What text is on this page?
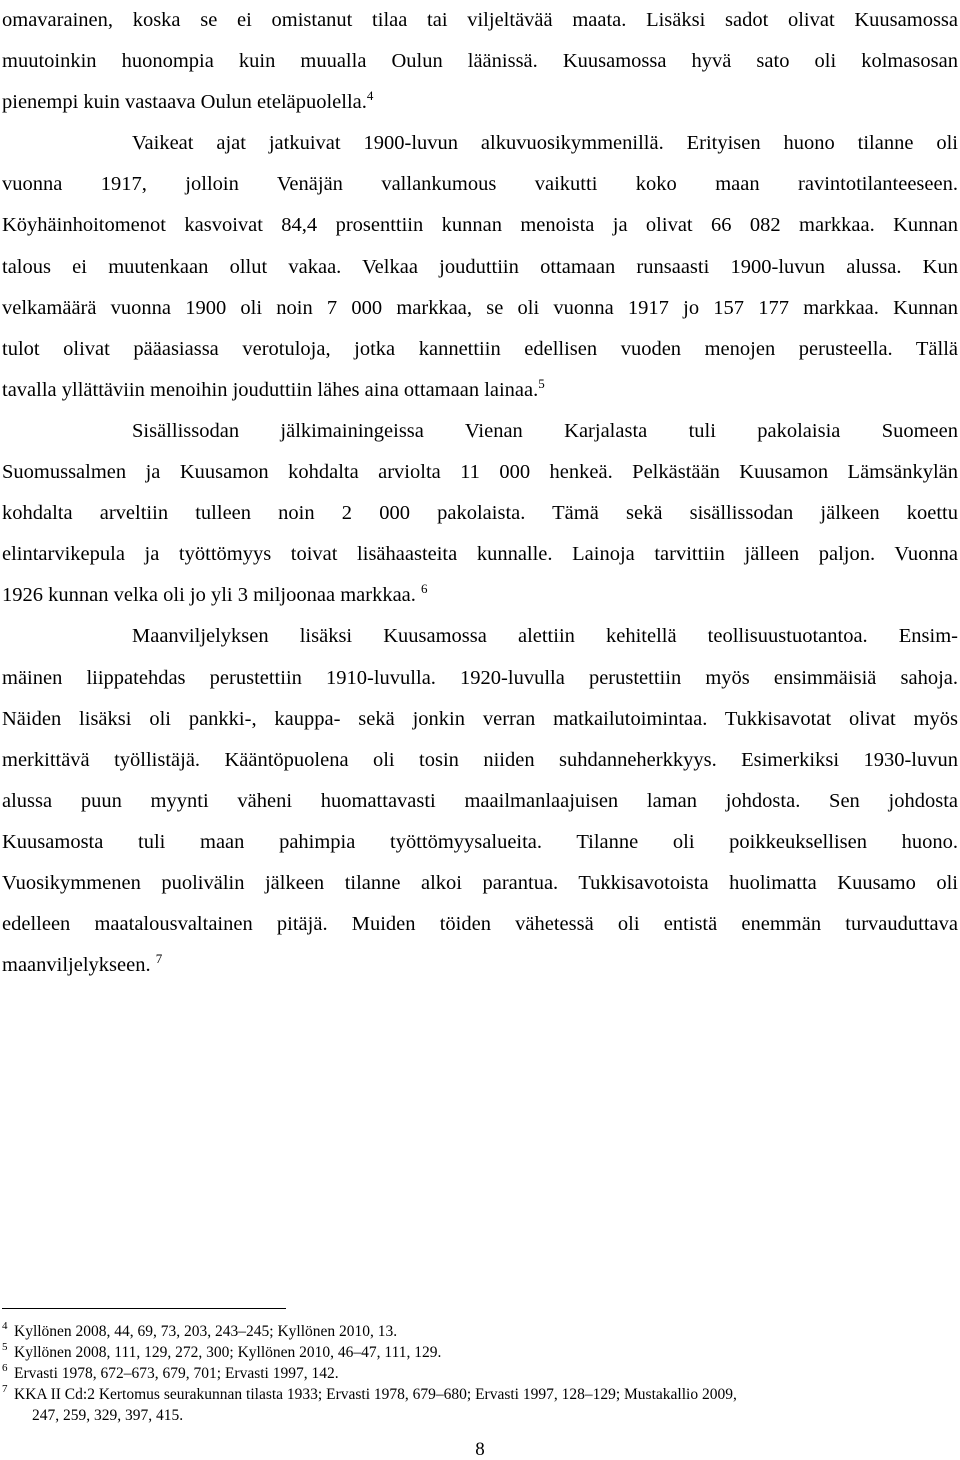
omavarainen, koska se ei omistanut tilaa tai viljeltävää maata. Lisäksi sadot olivat Kuusamossa
muutoinkin huonompia kuin muualla Oulun läänissä. Kuusamossa hyvä sato oli kolmasosan
pienempi kuin vastaava Oulun eteläpuolella.$^4$
Vaikeat ajat jatkuivat 1900-luvun alkuvuosikymmenillä. Erityisen huono tilanne oli
vuonna 1917, jolloin Venäjän vallankumous vaikutti koko maan ravintotilanteeseen.
Köyhäinhoitomenot kasvoivat 84,4 prosenttiin kunnan menoista ja olivat 66 082 markkaa. Kunnan
talous ei muutenkaan ollut vakaa. Velkaa jouduttiin ottamaan runsaasti 1900-luvun alussa. Kun
velkamäärä vuonna 1900 oli noin 7 000 markkaa, se oli vuonna 1917 jo 157 177 markkaa. Kunnan
tulot olivat pääasiassa verotuloja, jotka kannettiin edellisen vuoden menojen perusteella. Tällä
tavalla yllättäviin menoihin jouduttiin lähes aina ottamaan lainaa.$^5$
Sisällissodan jälkimainingeissa Vienan Karjalasta tuli pakolaisia Suomeen
Suomussalmen ja Kuusamon kohdalta arviolta 11 000 henkeä. Pelkästään Kuusamon Lämsänkylän
kohdalta arveltiin tulleen noin 2 000 pakolaista. Tämä sekä sisällissodan jälkeen koettu
elintarvikepula ja työttömyys toivat lisähaasteita kunnalle. Lainoja tarvittiin jälleen paljon. Vuonna
1926 kunnan velka oli jo yli 3 miljoonaa markkaa. $^6$
Maanviljelyksen lisäksi Kuusamossa alettiin kehitellä teollisuustuotantoa. Ensim-
mäinen liippatehdas perustettiin 1910-luvulla. 1920-luvulla perustettiin myös ensimmäisiä sahoja.
Näiden lisäksi oli pankki-, kauppa- sekä jonkin verran matkailutoimintaa. Tukkisavotat olivat myös
merkittävä työllistäjä. Kääntöpuolena oli tosin niiden suhdanneherkkyys. Esimerkiksi 1930-luvun
alussa puun myynti väheni huomattavasti maailmanlaajuisen laman johdosta. Sen johdosta
Kuusamosta tuli maan pahimpia työttömyysalueita. Tilanne oli poikkeuksellisen huono.
Vuosikymmenen puolivälin jälkeen tilanne alkoi parantua. Tukkisavotoista huolimatta Kuusamo oli
edelleen maatalousvaltainen pitäjä. Muiden töiden vähetessä oli entistä enemmän turvauduttava
maanviljelykseen. $^7$
4 Kyllönen 2008, 44, 69, 73, 203, 243–245; Kyllönen 2010, 13.
5 Kyllönen 2008, 111, 129, 272, 300; Kyllönen 2010, 46–47, 111, 129.
6 Ervasti 1978, 672–673, 679, 701; Ervasti 1997, 142.
7 KKA II Cd:2 Kertomus seurakunnan tilasta 1933; Ervasti 1978, 679–680; Ervasti 1997, 128–129; Mustakallio 2009,
247, 259, 329, 397, 415.
8
